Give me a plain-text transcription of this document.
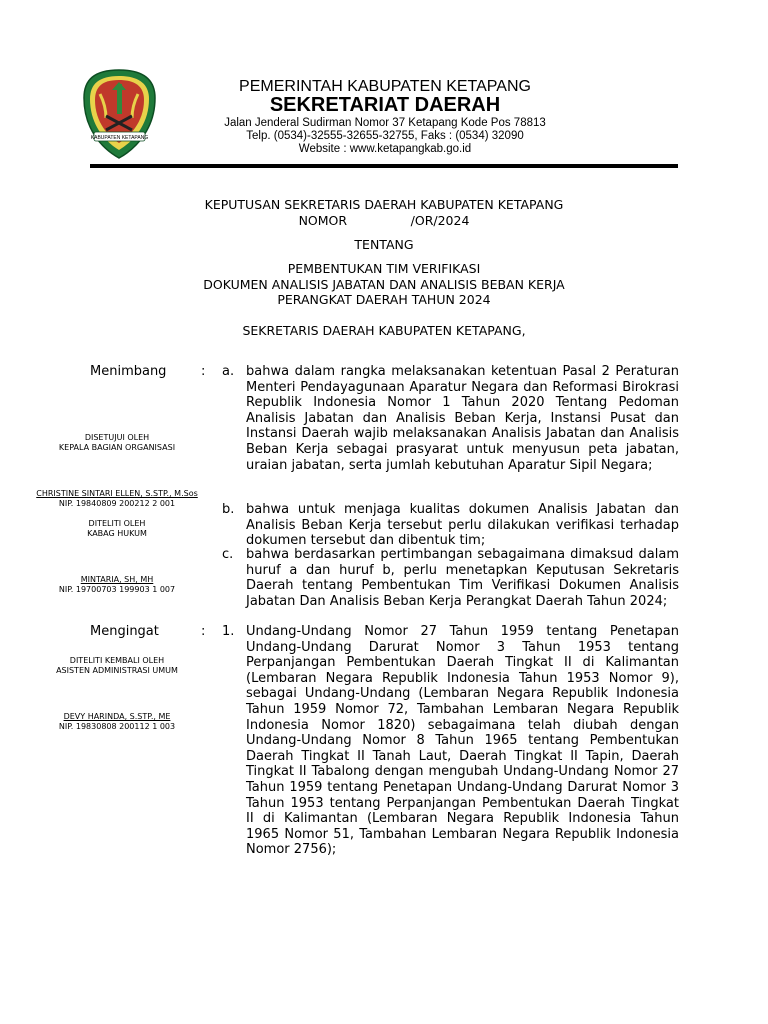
KABUPATEN KETAPANG
PEMERINTAH KABUPATEN KETAPANG
SEKRETARIAT DAERAH
Jalan Jenderal Sudirman Nomor 37 Ketapang Kode Pos 78813
Telp. (0534)-32555-32655-32755, Faks : (0534) 32090
Website : www.ketapangkab.go.id
KEPUTUSAN SEKRETARIS DAERAH KABUPATEN KETAPANG
NOMOR                /OR/2024
TENTANG
PEMBENTUKAN TIM VERIFIKASI
DOKUMEN ANALISIS JABATAN DAN ANALISIS BEBAN KERJA
PERANGKAT DAERAH TAHUN 2024
SEKRETARIS DAERAH KABUPATEN KETAPANG,
Menimbang	: a. bahwa dalam rangka melaksanakan ketentuan Pasal 2 Peraturan Menteri Pendayagunaan Aparatur Negara dan Reformasi Birokrasi Republik Indonesia Nomor 1 Tahun 2020 Tentang Pedoman Analisis Jabatan dan Analisis Beban Kerja, Instansi Pusat dan Instansi Daerah wajib melaksanakan Analisis Jabatan dan Analisis Beban Kerja sebagai prasyarat untuk menyusun peta jabatan, uraian jabatan, serta jumlah kebutuhan Aparatur Sipil Negara;
b. bahwa untuk menjaga kualitas dokumen Analisis Jabatan dan Analisis Beban Kerja tersebut perlu dilakukan verifikasi terhadap dokumen tersebut dan dibentuk tim;
c. bahwa berdasarkan pertimbangan sebagaimana dimaksud dalam huruf a dan huruf b, perlu menetapkan Keputusan Sekretaris Daerah tentang Pembentukan Tim Verifikasi Dokumen Analisis Jabatan Dan Analisis Beban Kerja Perangkat Daerah Tahun 2024;
Mengingat	: 1. Undang-Undang Nomor 27 Tahun 1959 tentang Penetapan Undang-Undang Darurat Nomor 3 Tahun 1953 tentang Perpanjangan Pembentukan Daerah Tingkat II di Kalimantan (Lembaran Negara Republik Indonesia Tahun 1953 Nomor 9), sebagai Undang-Undang (Lembaran Negara Republik Indonesia Tahun 1959 Nomor 72, Tambahan Lembaran Negara Republik Indonesia Nomor 1820) sebagaimana telah diubah dengan Undang-Undang Nomor 8 Tahun 1965 tentang Pembentukan Daerah Tingkat II Tanah Laut, Daerah Tingkat II Tapin, Daerah Tingkat II Tabalong dengan mengubah Undang-Undang Nomor 27 Tahun 1959 tentang Penetapan Undang-Undang Darurat Nomor 3 Tahun 1953 tentang Perpanjangan Pembentukan Daerah Tingkat II di Kalimantan (Lembaran Negara Republik Indonesia Tahun 1965 Nomor 51, Tambahan Lembaran Negara Republik Indonesia Nomor 2756);
DISETUJUI OLEH
KEPALA BAGIAN ORGANISASI
CHRISTINE SINTARI ELLEN, S.STP., M.Sos
NIP. 19840809 200212 2 001
DITELITI OLEH
KABAG HUKUM
MINTARIA, SH, MH
NIP. 19700703 199903 1 007
DITELITI KEMBALI OLEH
ASISTEN ADMINISTRASI UMUM
DEVY HARINDA, S.STP., ME
NIP. 19830808 200112 1 003
